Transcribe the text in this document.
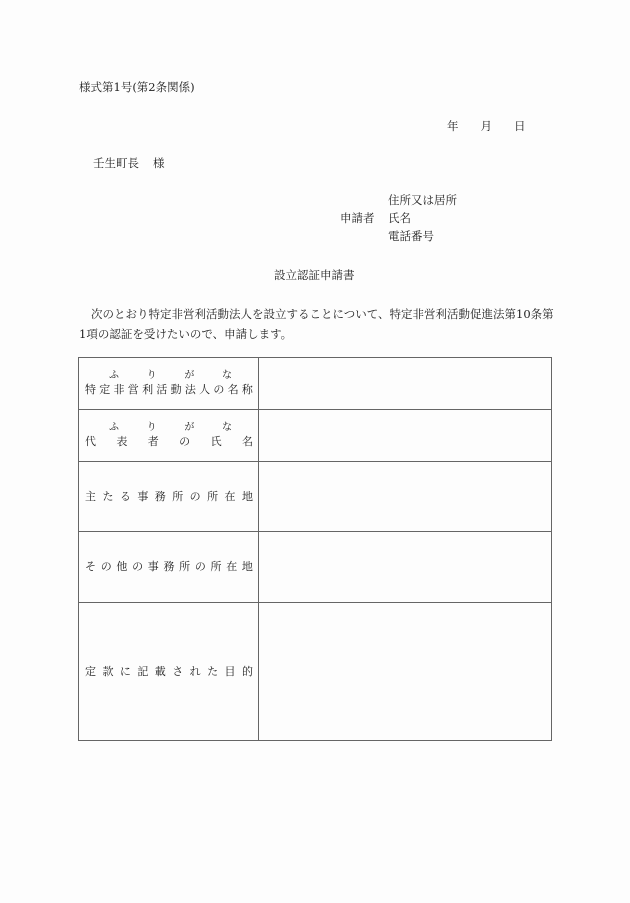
様式第1号(第2条関係)
年 月 日
壬生町長 様
住所又は居所
申請者	氏名
電話番号
設立認証申請書
次のとおり特定非営利活動法人を設立することについて、特定非営利活動促進法第10条第1項の認証を受けたいので、申請します。
ふ	り	が	な
特 定 非 営 利 活 動 法 人 の 名 称

ふ	り	が	な
代 表 者 の 氏 名

主 た る 事 務 所 の 所 在 地

そ の 他 の 事 務 所 の 所 在 地

定 款 に 記 載 さ れ た 目 的
